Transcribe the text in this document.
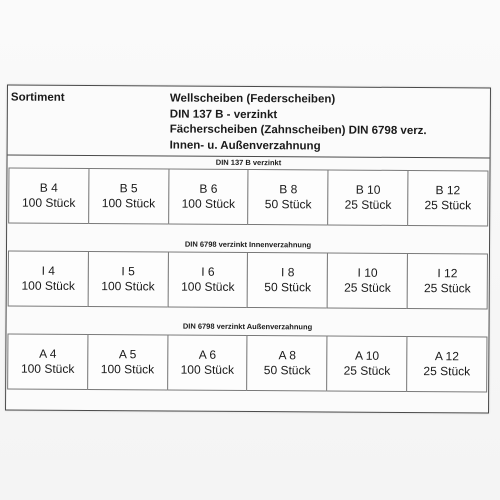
Sortiment	Wellscheiben (Federscheiben)
DIN 137 B - verzinkt
Fächerscheiben (Zahnscheiben) DIN 6798 verz.
Innen- u. Außenverzahnung
DIN 137 B verzinkt
B 4
100 Stück
B 5
100 Stück
B 6
100 Stück
B 8
50 Stück
B 10
25 Stück
B 12
25 Stück
DIN 6798 verzinkt Innenverzahnung
I 4
100 Stück
I 5
100 Stück
I 6
100 Stück
I 8
50 Stück
I 10
25 Stück
I 12
25 Stück
DIN 6798 verzinkt Außenverzahnung
A 4
100 Stück
A 5
100 Stück
A 6
100 Stück
A 8
50 Stück
A 10
25 Stück
A 12
25 Stück
